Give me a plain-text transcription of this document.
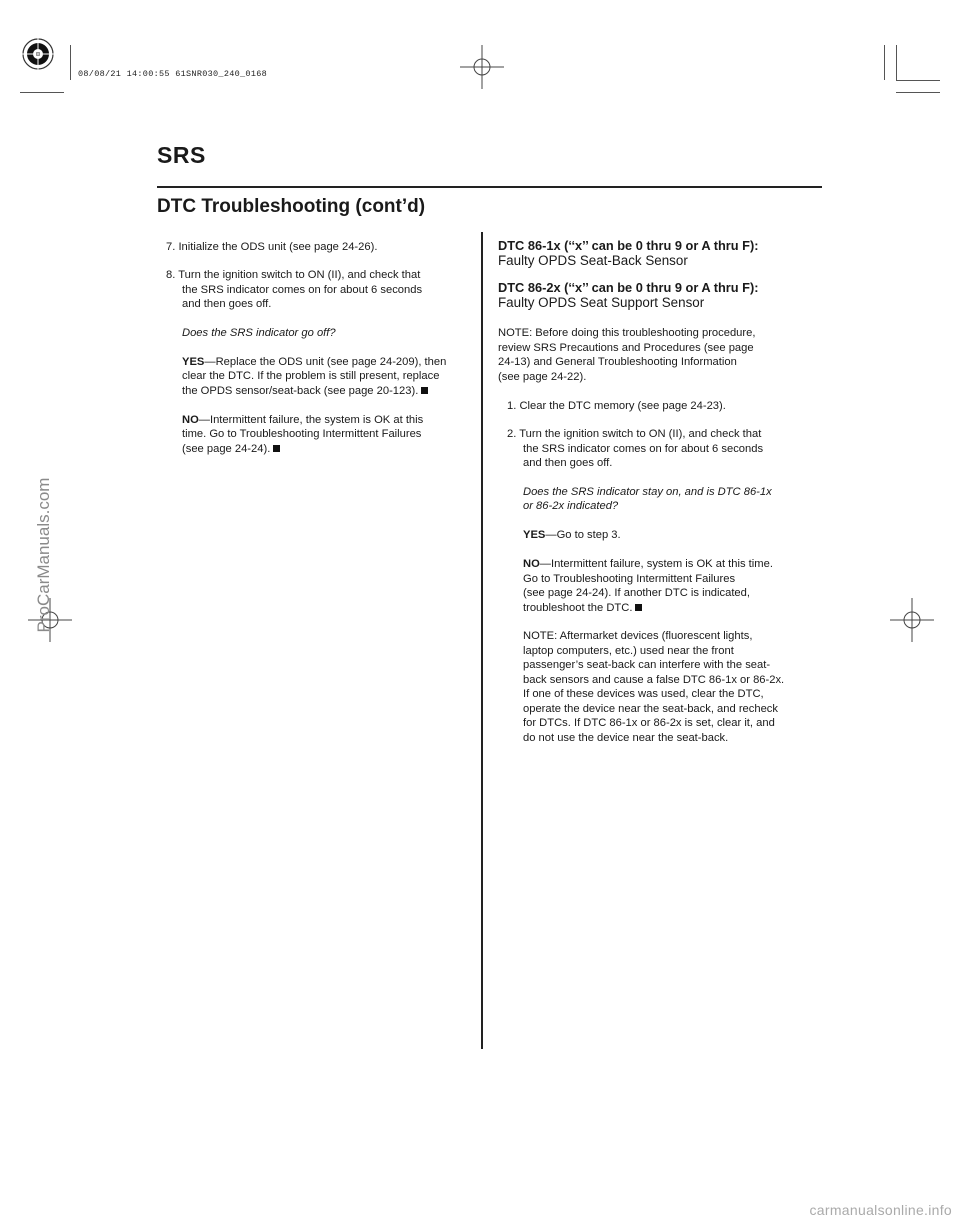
08/08/21 14:00:55 61SNR030_240_0168
SRS
DTC Troubleshooting (cont’d)
7. Initialize the ODS unit (see page 24-26).
8. Turn the ignition switch to ON (II), and check that
the SRS indicator comes on for about 6 seconds
and then goes off.
Does the SRS indicator go off?
YES—Replace the ODS unit (see page 24-209), then
clear the DTC. If the problem is still present, replace
the OPDS sensor/seat-back (see page 20-123).
NO—Intermittent failure, the system is OK at this
time. Go to Troubleshooting Intermittent Failures
(see page 24-24).
DTC 86-1x (‘‘x’’ can be 0 thru 9 or A thru F):
Faulty OPDS Seat-Back Sensor
DTC 86-2x (‘‘x’’ can be 0 thru 9 or A thru F):
Faulty OPDS Seat Support Sensor
NOTE: Before doing this troubleshooting procedure,
review SRS Precautions and Procedures (see page
24-13) and General Troubleshooting Information
(see page 24-22).
1. Clear the DTC memory (see page 24-23).
2. Turn the ignition switch to ON (II), and check that
the SRS indicator comes on for about 6 seconds
and then goes off.
Does the SRS indicator stay on, and is DTC 86-1x
or 86-2x indicated?
YES—Go to step 3.
NO—Intermittent failure, system is OK at this time.
Go to Troubleshooting Intermittent Failures
(see page 24-24). If another DTC is indicated,
troubleshoot the DTC.
NOTE: Aftermarket devices (fluorescent lights,
laptop computers, etc.) used near the front
passenger’s seat-back can interfere with the seat-
back sensors and cause a false DTC 86-1x or 86-2x.
If one of these devices was used, clear the DTC,
operate the device near the seat-back, and recheck
for DTCs. If DTC 86-1x or 86-2x is set, clear it, and
do not use the device near the seat-back.
ProCarManuals.com
carmanualsonline.info
